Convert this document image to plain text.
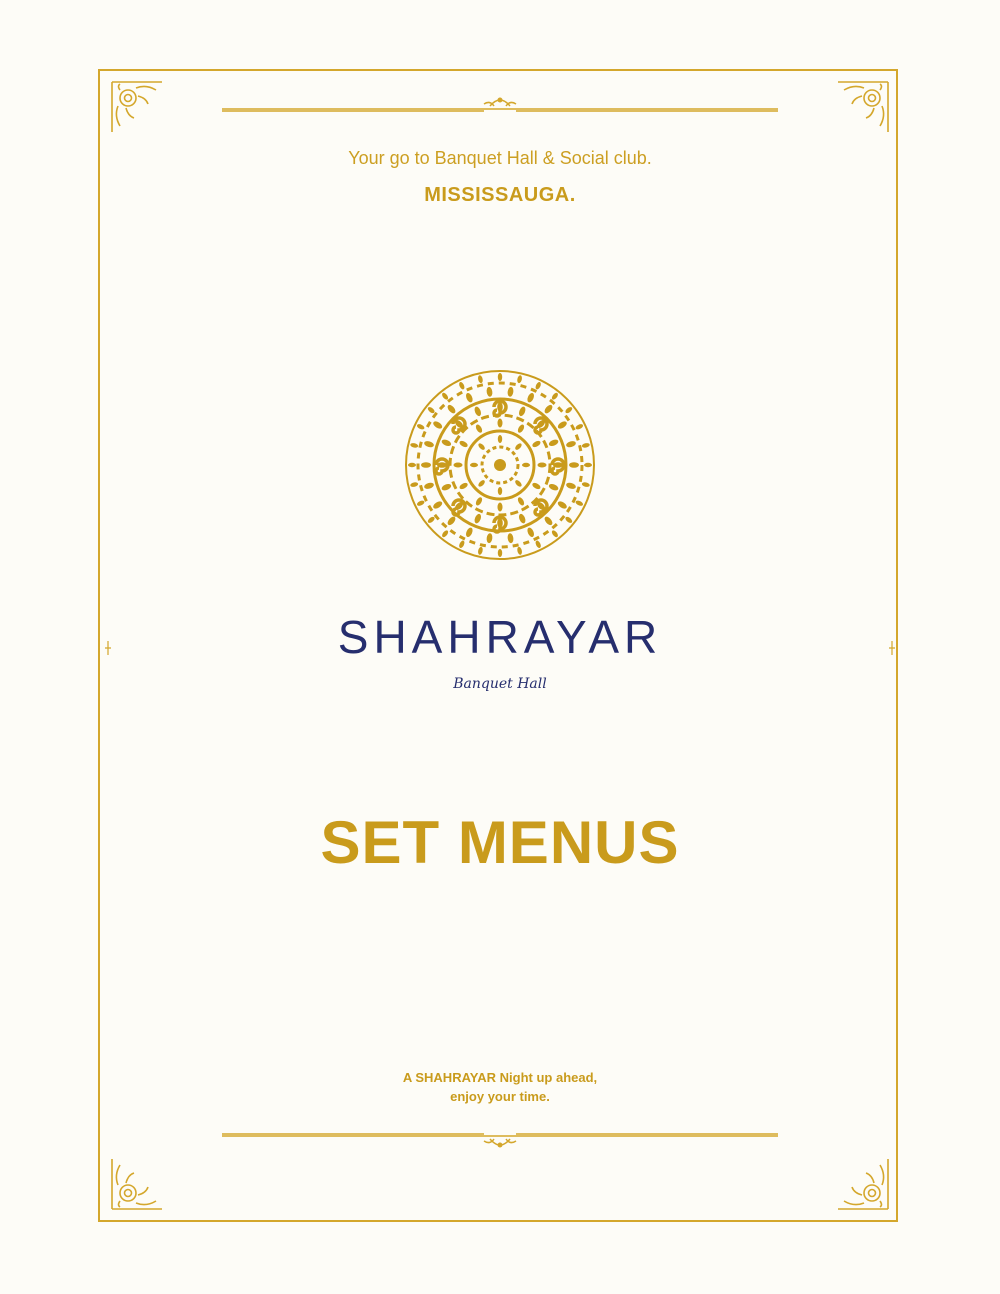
Your go to Banquet Hall & Social club.
MISSISSAUGA.
SHAHRAYAR
Banquet Hall
SET MENUS
A SHAHRAYAR Night up ahead,
enjoy your time.
